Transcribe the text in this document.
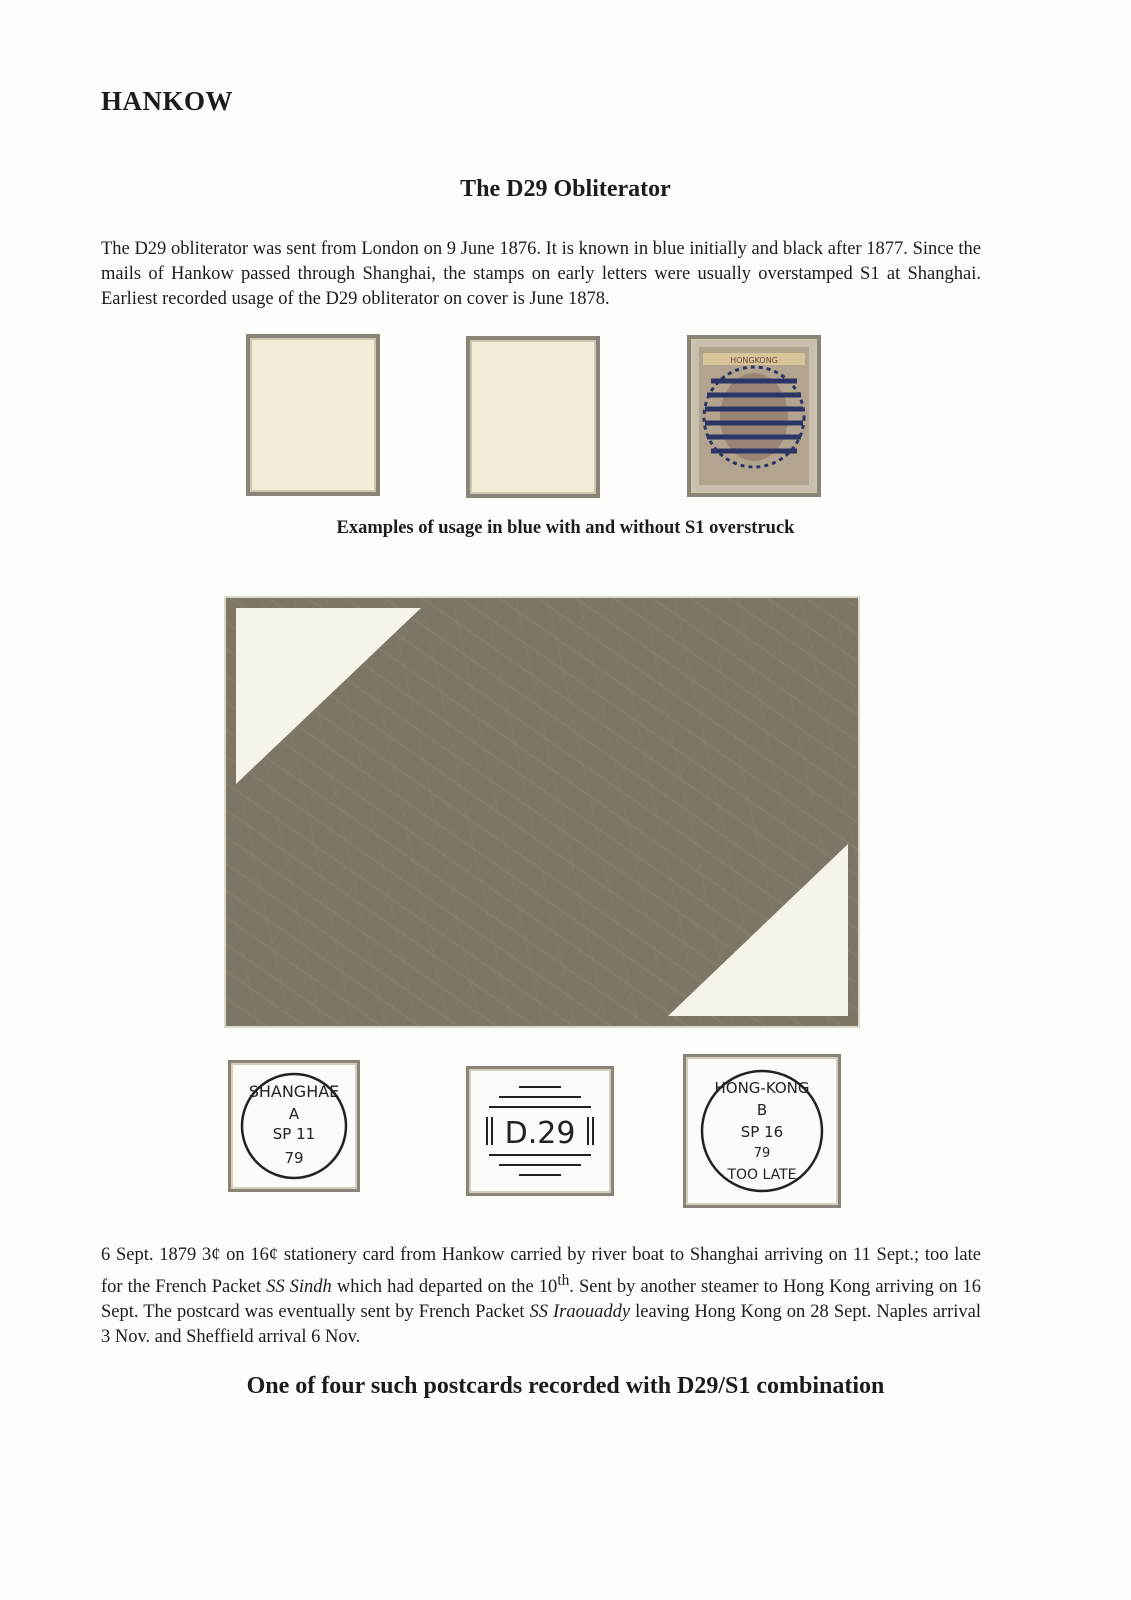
HANKOW
The D29 Obliterator
The D29 obliterator was sent from London on 9 June 1876. It is known in blue initially and black after 1877. Since the mails of Hankow passed through Shanghai, the stamps on early letters were usually overstamped S1 at Shanghai. Earliest recorded usage of the D29 obliterator on cover is June 1878.
HONGKONG
Examples of usage in blue with and without S1 overstruck
SHANGHAE
A
SP 11
79
D.29
HONG-KONG
B
SP 16
79
TOO LATE
6 Sept. 1879 3¢ on 16¢ stationery card from Hankow carried by river boat to Shanghai arriving on 11 Sept.; too late for the French Packet SS Sindh which had departed on the 10th. Sent by another steamer to Hong Kong arriving on 16 Sept. The postcard was eventually sent by French Packet SS Iraouaddy leaving Hong Kong on 28 Sept. Naples arrival 3 Nov. and Sheffield arrival 6 Nov.
One of four such postcards recorded with D29/S1 combination
